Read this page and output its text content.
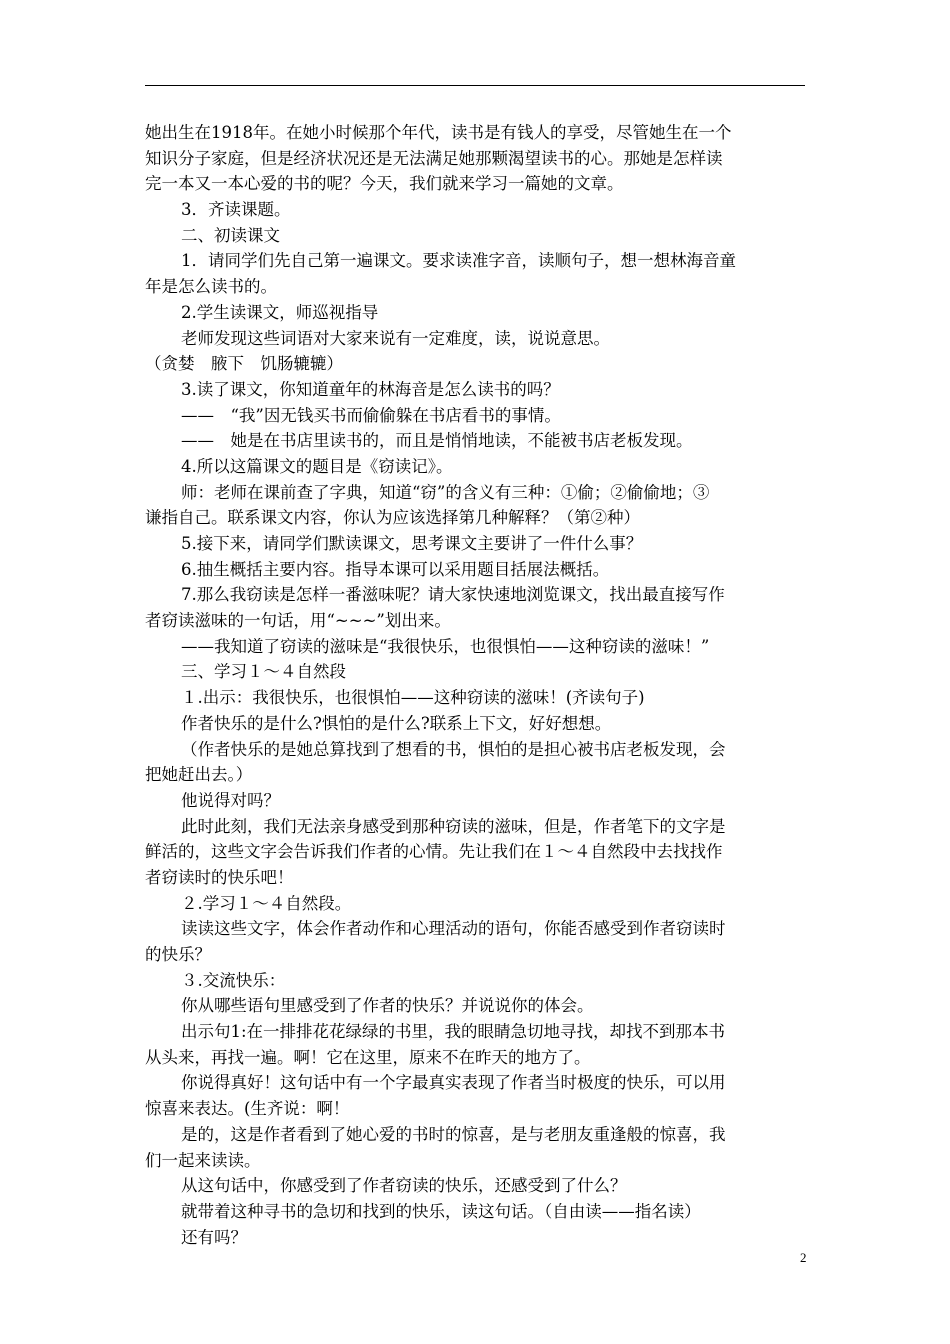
她出生在1918年。在她小时候那个年代，读书是有钱人的享受，尽管她生在一个
知识分子家庭，但是经济状况还是无法满足她那颗渴望读书的心。那她是怎样读
完一本又一本心爱的书的呢？今天，我们就来学习一篇她的文章。
3．齐读课题。
二、初读课文
1．请同学们先自己第一遍课文。要求读准字音，读顺句子，想一想林海音童
年是怎么读书的。
2.学生读课文，师巡视指导
老师发现这些词语对大家来说有一定难度，读，说说意思。
（贪婪　腋下　饥肠辘辘）
3.读了课文，你知道童年的林海音是怎么读书的吗？
——　“我”因无钱买书而偷偷躲在书店看书的事情。
——　她是在书店里读书的，而且是悄悄地读，不能被书店老板发现。
4.所以这篇课文的题目是《窃读记》。
师：老师在课前查了字典，知道“窃”的含义有三种：①偷；②偷偷地；③
谦指自己。联系课文内容，你认为应该选择第几种解释？（第②种）
5.接下来，请同学们默读课文，思考课文主要讲了一件什么事？
6.抽生概括主要内容。指导本课可以采用题目括展法概括。
7.那么我窃读是怎样一番滋味呢？请大家快速地浏览课文，找出最直接写作
者窃读滋味的一句话，用“~~~”划出来。
——我知道了窃读的滋味是“我很快乐，也很惧怕——这种窃读的滋味！”
三、学习１～４自然段
１.出示：我很快乐，也很惧怕——这种窃读的滋味！(齐读句子)
作者快乐的是什么?惧怕的是什么?联系上下文，好好想想。
（作者快乐的是她总算找到了想看的书，惧怕的是担心被书店老板发现，会
把她赶出去。）
他说得对吗？
此时此刻，我们无法亲身感受到那种窃读的滋味，但是，作者笔下的文字是
鲜活的，这些文字会告诉我们作者的心情。先让我们在１～４自然段中去找找作
者窃读时的快乐吧！
２.学习１～４自然段。
读读这些文字，体会作者动作和心理活动的语句，你能否感受到作者窃读时
的快乐？
３.交流快乐：
你从哪些语句里感受到了作者的快乐？并说说你的体会。
出示句1:在一排排花花绿绿的书里，我的眼睛急切地寻找，却找不到那本书
从头来，再找一遍。啊！它在这里，原来不在昨天的地方了。
你说得真好！这句话中有一个字最真实表现了作者当时极度的快乐，可以用
惊喜来表达。(生齐说：啊！
是的，这是作者看到了她心爱的书时的惊喜，是与老朋友重逢般的惊喜，我
们一起来读读。
从这句话中，你感受到了作者窃读的快乐，还感受到了什么？
就带着这种寻书的急切和找到的快乐，读这句话。（自由读——指名读）
还有吗？
2
